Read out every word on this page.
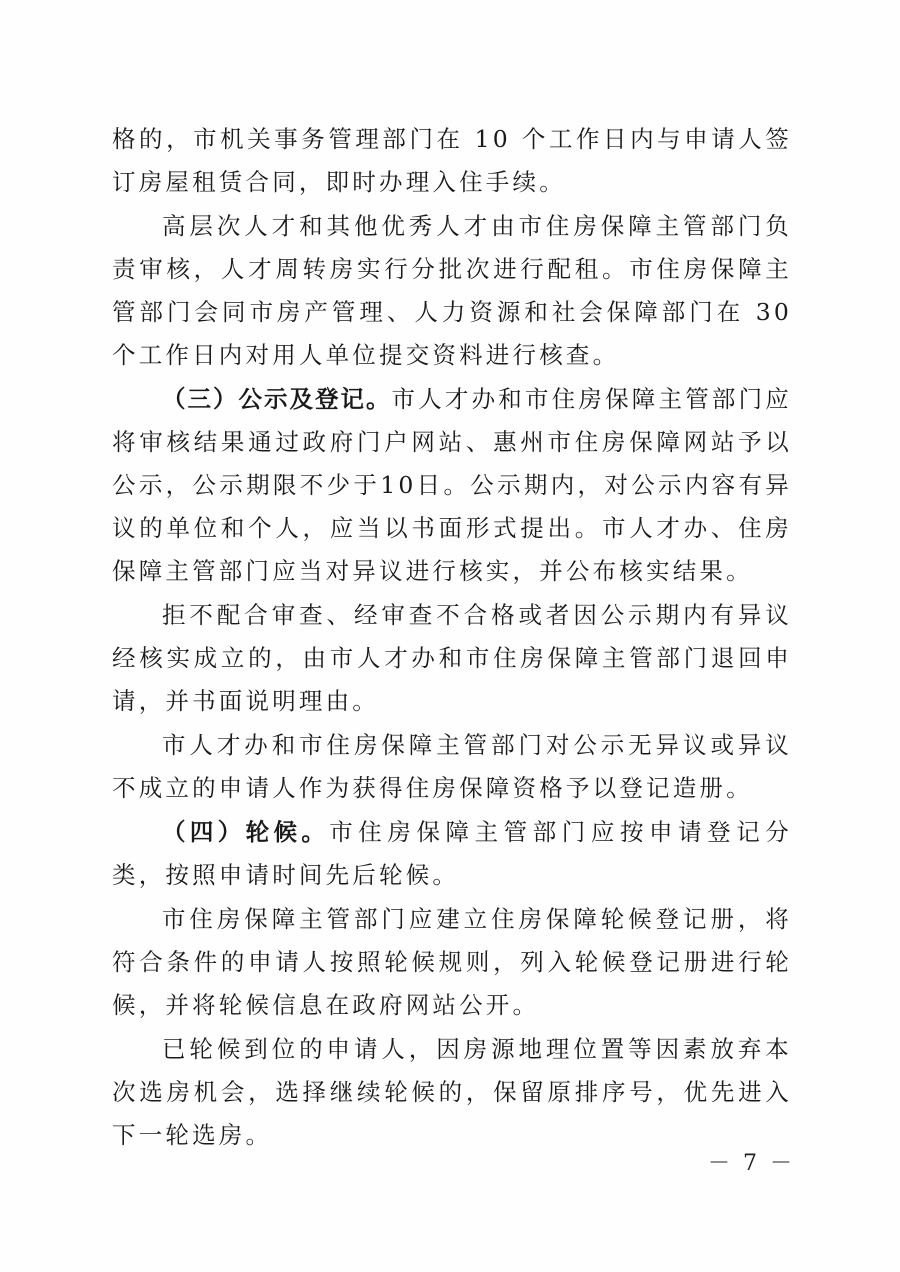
格的，市机关事务管理部门在 10 个工作日内与申请人签订房屋租赁合同，即时办理入住手续。

高层次人才和其他优秀人才由市住房保障主管部门负责审核，人才周转房实行分批次进行配租。市住房保障主管部门会同市房产管理、人力资源和社会保障部门在 30 个工作日内对用人单位提交资料进行核查。

（三）公示及登记。市人才办和市住房保障主管部门应将审核结果通过政府门户网站、惠州市住房保障网站予以公示，公示期限不少于10日。公示期内，对公示内容有异议的单位和个人，应当以书面形式提出。市人才办、住房保障主管部门应当对异议进行核实，并公布核实结果。

拒不配合审查、经审查不合格或者因公示期内有异议经核实成立的，由市人才办和市住房保障主管部门退回申请，并书面说明理由。

市人才办和市住房保障主管部门对公示无异议或异议不成立的申请人作为获得住房保障资格予以登记造册。

（四）轮候。市住房保障主管部门应按申请登记分类，按照申请时间先后轮候。

市住房保障主管部门应建立住房保障轮候登记册，将符合条件的申请人按照轮候规则，列入轮候登记册进行轮候，并将轮候信息在政府网站公开。

已轮候到位的申请人，因房源地理位置等因素放弃本次选房机会，选择继续轮候的，保留原排序号，优先进入下一轮选房。

－ 7 －
